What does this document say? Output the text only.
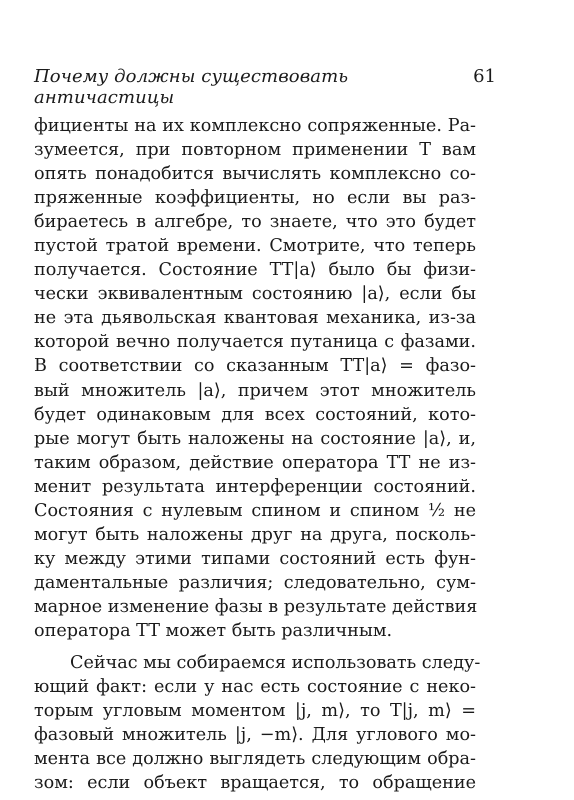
Почему должны существовать античастицы
61
фициенты на их комплексно сопряженные. Ра-
зумеется, при повторном применении T вам
опять понадобится вычислять комплексно со-
пряженные коэффициенты, но если вы раз-
бираетесь в алгебре, то знаете, что это будет
пустой тратой времени. Смотрите, что теперь
получается. Состояние TT|a⟩ было бы физи-
чески эквивалентным состоянию |a⟩, если бы
не эта дьявольская квантовая механика, из-за
которой вечно получается путаница с фазами.
В соответствии со сказанным TT|a⟩ = фазо-
вый множитель |a⟩, причем этот множитель
будет одинаковым для всех состояний, кото-
рые могут быть наложены на состояние |a⟩, и,
таким образом, действие оператора TT не из-
менит результата интерференции состояний.
Состояния с нулевым спином и спином ½ не
могут быть наложены друг на друга, посколь-
ку между этими типами состояний есть фун-
даментальные различия; следовательно, сум-
марное изменение фазы в результате действия
оператора TT может быть различным.
Сейчас мы собираемся использовать следу-
ющий факт: если у нас есть состояние с неко-
торым угловым моментом |j, m⟩, то T|j, m⟩ =
фазовый множитель |j, −m⟩. Для углового мо-
мента все должно выглядеть следующим обра-
зом: если объект вращается, то обращение
